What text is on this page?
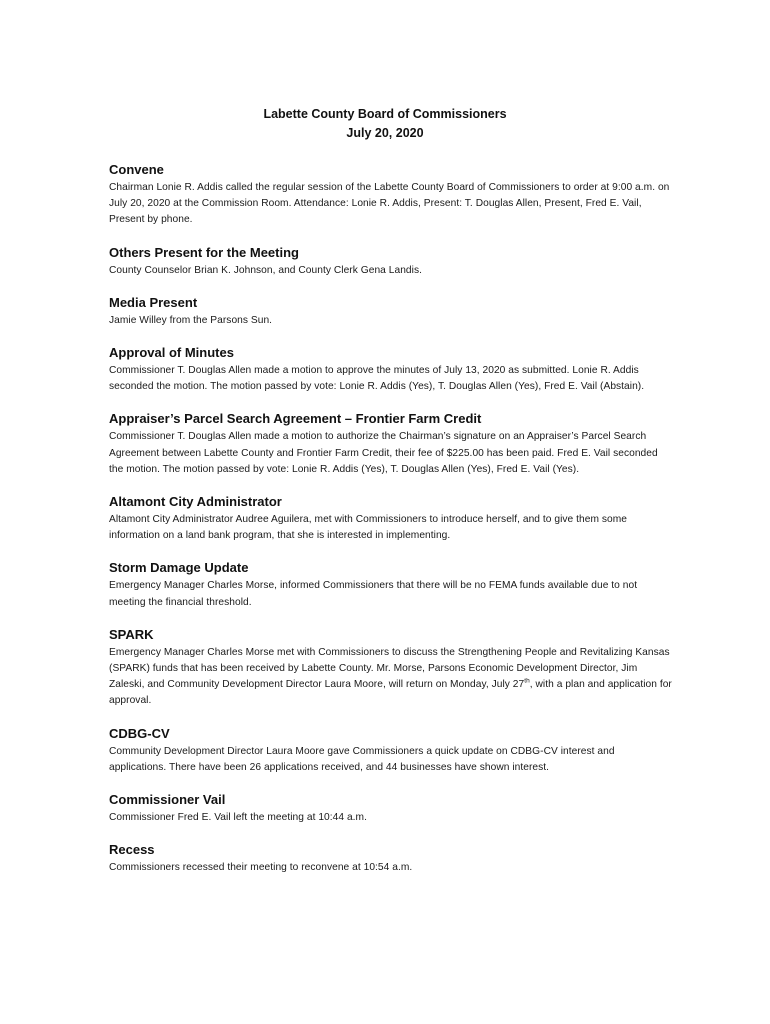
Labette County Board of Commissioners
July 20, 2020
Convene

Chairman Lonie R. Addis called the regular session of the Labette County Board of Commissioners to order at 9:00 a.m. on July 20, 2020 at the Commission Room. Attendance: Lonie R. Addis, Present: T. Douglas Allen, Present, Fred E. Vail, Present by phone.

Others Present for the Meeting

County Counselor Brian K. Johnson, and County Clerk Gena Landis.

Media Present

Jamie Willey from the Parsons Sun.

Approval of Minutes

Commissioner T. Douglas Allen made a motion to approve the minutes of July 13, 2020 as submitted. Lonie R. Addis seconded the motion. The motion passed by vote: Lonie R. Addis (Yes), T. Douglas Allen (Yes), Fred E. Vail (Abstain).

Appraiser’s Parcel Search Agreement – Frontier Farm Credit

Commissioner T. Douglas Allen made a motion to authorize the Chairman’s signature on an Appraiser’s Parcel Search Agreement between Labette County and Frontier Farm Credit, their fee of $225.00 has been paid. Fred E. Vail seconded the motion. The motion passed by vote: Lonie R. Addis (Yes), T. Douglas Allen (Yes), Fred E. Vail (Yes).

Altamont City Administrator

Altamont City Administrator Audree Aguilera, met with Commissioners to introduce herself, and to give them some information on a land bank program, that she is interested in implementing.

Storm Damage Update

Emergency Manager Charles Morse, informed Commissioners that there will be no FEMA funds available due to not meeting the financial threshold.

SPARK

Emergency Manager Charles Morse met with Commissioners to discuss the Strengthening People and Revitalizing Kansas (SPARK) funds that has been received by Labette County. Mr. Morse, Parsons Economic Development Director, Jim Zaleski, and Community Development Director Laura Moore, will return on Monday, July 27th, with a plan and application for approval.

CDBG-CV

Community Development Director Laura Moore gave Commissioners a quick update on CDBG-CV interest and applications. There have been 26 applications received, and 44 businesses have shown interest.

Commissioner Vail

Commissioner Fred E. Vail left the meeting at 10:44 a.m.

Recess

Commissioners recessed their meeting to reconvene at 10:54 a.m.
